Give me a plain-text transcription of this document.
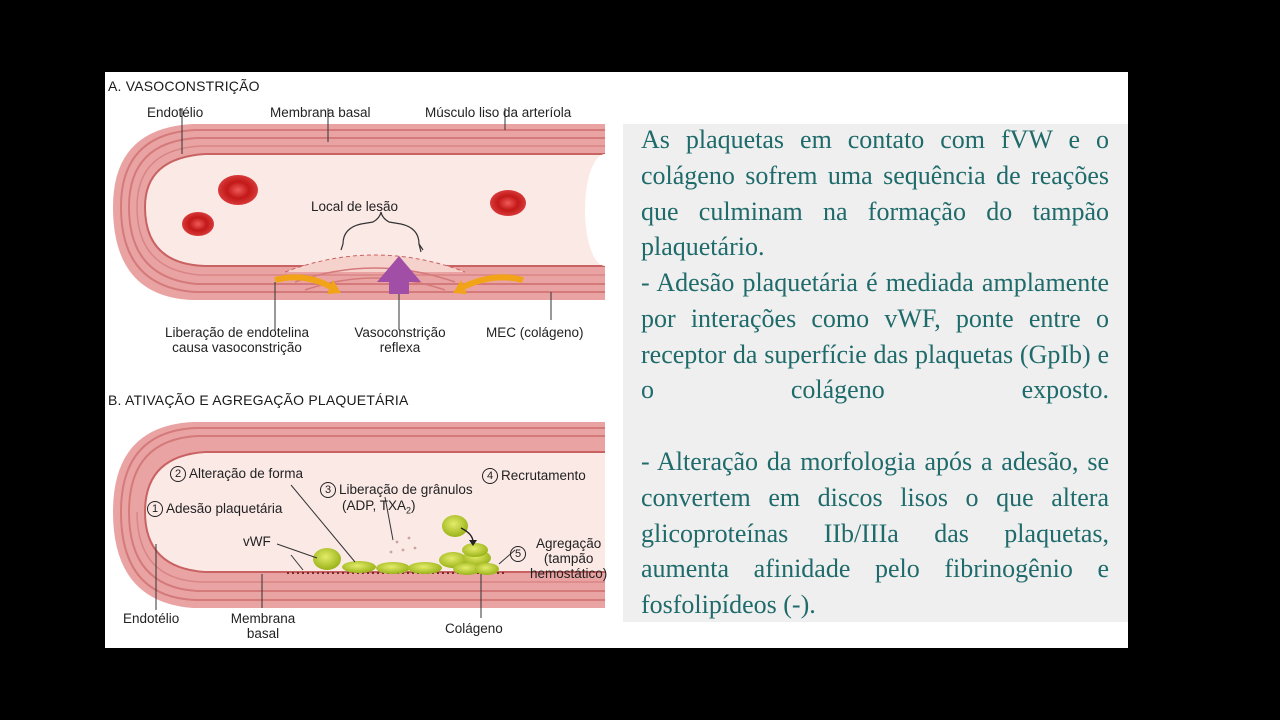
A. VASOCONSTRIÇÃO
Endotélio	Membrana basal	Músculo liso da arteríola
Local de lesão
Liberação de endotelina
causa vasoconstrição
Vasoconstrição
reflexa
MEC (colágeno)
B. ATIVAÇÃO E AGREGAÇÃO PLAQUETÁRIA
2 Alteração de forma
3 Liberação de grânulos
(ADP, $TXA_2$)
4 Recrutamento
1 Adesão plaquetária
vWF
5
Agregação
(tampão
hemostático)
Endotélio	Membrana
basal	Colágeno
As plaquetas em contato com fVW e o colágeno sofrem uma sequência de reações que culminam na formação do tampão plaquetário.
- Adesão plaquetária é mediada amplamente por interações como vWF, ponte entre o receptor da superfície das plaquetas (GpIb) e o colágeno exposto.
- Alteração da morfologia após a adesão, se convertem em discos lisos o que altera glicoproteínas IIb/IIIa das plaquetas, aumenta afinidade pelo fibrinogênio e fosfolipídeos (-).
